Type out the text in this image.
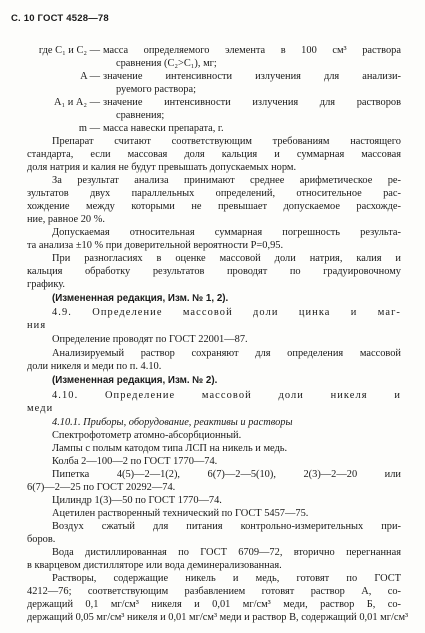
С. 10 ГОСТ 4528—78
где C₁ и C₂ — масса определяемого элемента в 100 см³ раствора
сравнения (C₂>C₁), мг;
A — значение интенсивности излучения для анализи-
руемого раствора;
A₁ и A₂ — значение интенсивности излучения для растворов
сравнения;
m — масса навески препарата, г.
Препарат считают соответствующим требованиям настоящего
стандарта, если массовая доля кальция и суммарная массовая
доля натрия и калия не будут превышать допускаемых норм.
За результат анализа принимают среднее арифметическое ре-
зультатов двух параллельных определений, относительное рас-
хождение между которыми не превышает допускаемое расхожде-
ние, равное 20 %.
Допускаемая относительная суммарная погрешность результа-
та анализа ±10 % при доверительной вероятности P=0,95.
При разногласиях в оценке массовой доли натрия, калия и
кальция обработку результатов проводят по градуировочному
графику.
(Измененная редакция, Изм. № 1, 2).
4.9. Определение массовой доли цинка и маг-
ния
Определение проводят по ГОСТ 22001—87.
Анализируемый раствор сохраняют для определения массовой
доли никеля и меди по п. 4.10.
(Измененная редакция, Изм. № 2).
4.10. Определение массовой доли никеля и
меди
4.10.1. Приборы, оборудование, реактивы и растворы
Спектрофотометр атомно-абсорбционный.
Лампы с полым катодом типа ЛСП на никель и медь.
Колба 2—100—2 по ГОСТ 1770—74.
Пипетка 4(5)—2—1(2), 6(7)—2—5(10), 2(3)—2—20 или
6(7)—2—25 по ГОСТ 20292—74.
Цилиндр 1(3)—50 по ГОСТ 1770—74.
Ацетилен растворенный технический по ГОСТ 5457—75.
Воздух сжатый для питания контрольно-измерительных при-
боров.
Вода дистиллированная по ГОСТ 6709—72, вторично перегнанная
в кварцевом дистилляторе или вода деминерализованная.
Растворы, содержащие никель и медь, готовят по ГОСТ
4212—76; соответствующим разбавлением готовят раствор А, со-
держащий 0,1 мг/см³ никеля и 0,01 мг/см³ меди, раствор Б, со-
держащий 0,05 мг/см³ никеля и 0,01 мг/см³ меди и раствор В, содержащий 0,01 мг/см³
